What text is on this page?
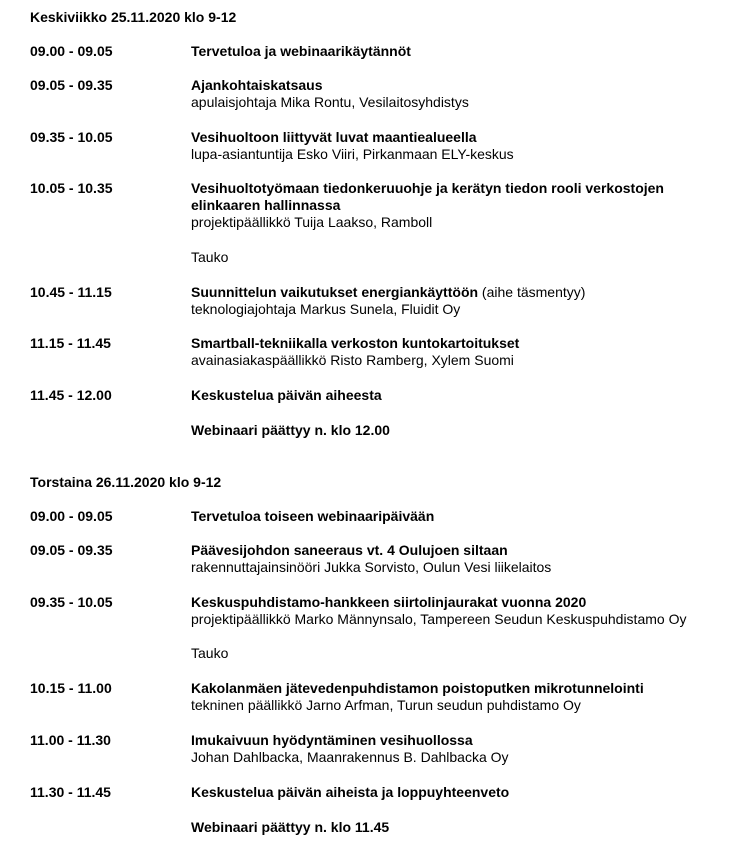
Keskiviikko 25.11.2020 klo 9-12
09.00 - 09.05	Tervetuloa ja webinaarikäytännöt
09.05 - 09.35	Ajankohtaiskatsaus
apulaisjohtaja Mika Rontu, Vesilaitosyhdistys
09.35 - 10.05	Vesihuoltoon liittyvät luvat maantiealueella
lupa-asiantuntija Esko Viiri, Pirkanmaan ELY-keskus
10.05 - 10.35	Vesihuoltotyömaan tiedonkeruuohje ja kerätyn tiedon rooli verkostojen
elinkaaren hallinnassa
projektipäällikkö Tuija Laakso, Ramboll
Tauko
10.45 - 11.15	Suunnittelun vaikutukset energiankäyttöön (aihe täsmentyy)
teknologiajohtaja Markus Sunela, Fluidit Oy
11.15 - 11.45	Smartball-tekniikalla verkoston kuntokartoitukset
avainasiakaspäällikkö Risto Ramberg, Xylem Suomi
11.45 - 12.00	Keskustelua päivän aiheesta
Webinaari päättyy n. klo 12.00
Torstaina 26.11.2020 klo 9-12
09.00 - 09.05	Tervetuloa toiseen webinaaripäivään
09.05 - 09.35	Päävesijohdon saneeraus vt. 4 Oulujoen siltaan
rakennuttajainsinööri Jukka Sorvisto, Oulun Vesi liikelaitos
09.35 - 10.05	Keskuspuhdistamo-hankkeen siirtolinjaurakat vuonna 2020
projektipäällikkö Marko Männynsalo, Tampereen Seudun Keskuspuhdistamo Oy
Tauko
10.15 - 11.00	Kakolanmäen jätevedenpuhdistamon poistoputken mikrotunnelointi
tekninen päällikkö Jarno Arfman, Turun seudun puhdistamo Oy
11.00 - 11.30	Imukaivuun hyödyntäminen vesihuollossa
Johan Dahlbacka, Maanrakennus B. Dahlbacka Oy
11.30 - 11.45	Keskustelua päivän aiheista ja loppuyhteenveto
Webinaari päättyy n. klo 11.45
